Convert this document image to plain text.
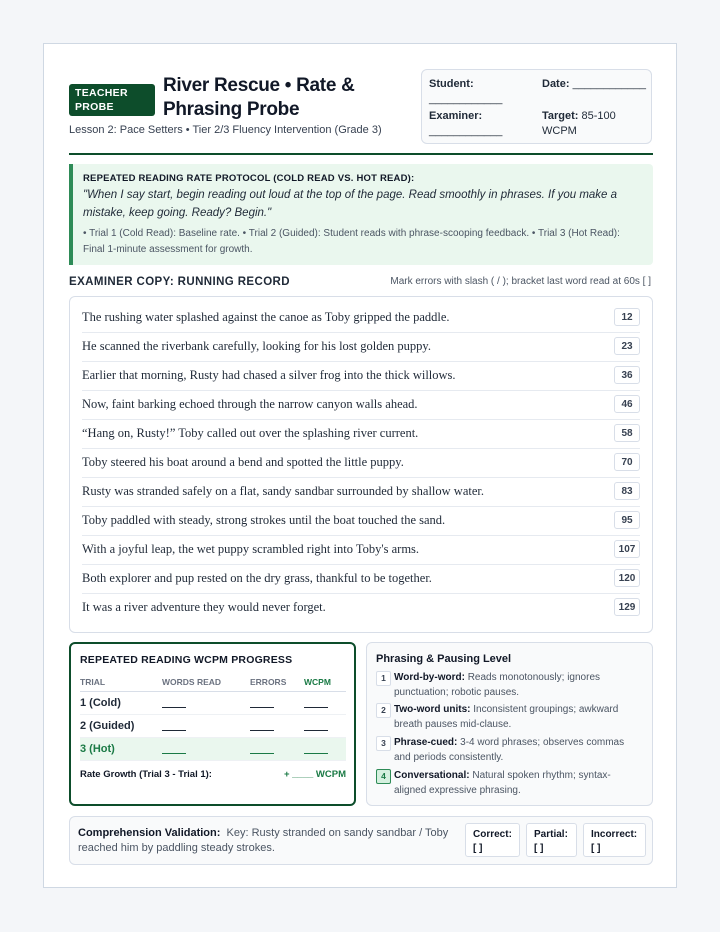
TEACHER PROBE
River Rescue • Rate & Phrasing Probe
Lesson 2: Pace Setters • Tier 2/3 Fluency Intervention (Grade 3)
Student:
____________
Date: ____________
Examiner:
____________
Target: 85-100 WCPM
REPEATED READING RATE PROTOCOL (COLD READ VS. HOT READ):
"When I say start, begin reading out loud at the top of the page. Read smoothly in phrases. If you make a mistake, keep going. Ready? Begin."
• Trial 1 (Cold Read): Baseline rate. • Trial 2 (Guided): Student reads with phrase-scooping feedback. • Trial 3 (Hot Read): Final 1-minute assessment for growth.
EXAMINER COPY: RUNNING RECORD	Mark errors with slash ( / ); bracket last word read at 60s [ ]
The rushing water splashed against the canoe as Toby gripped the paddle.	12
He scanned the riverbank carefully, looking for his lost golden puppy.	23
Earlier that morning, Rusty had chased a silver frog into the thick willows.	36
Now, faint barking echoed through the narrow canyon walls ahead.	46
“Hang on, Rusty!” Toby called out over the splashing river current.	58
Toby steered his boat around a bend and spotted the little puppy.	70
Rusty was stranded safely on a flat, sandy sandbar surrounded by shallow water.	83
Toby paddled with steady, strong strokes until the boat touched the sand.	95
With a joyful leap, the wet puppy scrambled right into Toby's arms.	107
Both explorer and pup rested on the dry grass, thankful to be together.	120
It was a river adventure they would never forget.	129
REPEATED READING WCPM PROGRESS
TRIAL	WORDS READ	ERRORS	WCPM
1 (Cold)			
2 (Guided)			
3 (Hot)			
Rate Growth (Trial 3 - Trial 1):	+ ____ WCPM
Phrasing & Pausing Level
1 Word-by-word: Reads monotonously; ignores punctuation; robotic pauses.
2 Two-word units: Inconsistent groupings; awkward breath pauses mid-clause.
3 Phrase-cued: 3-4 word phrases; observes commas and periods consistently.
4 Conversational: Natural spoken rhythm; syntax-aligned expressive phrasing.
Comprehension Validation: Key: Rusty stranded on sandy sandbar / Toby reached him by paddling steady strokes.
Correct:
[ ]
Partial:
[ ]
Incorrect:
[ ]
